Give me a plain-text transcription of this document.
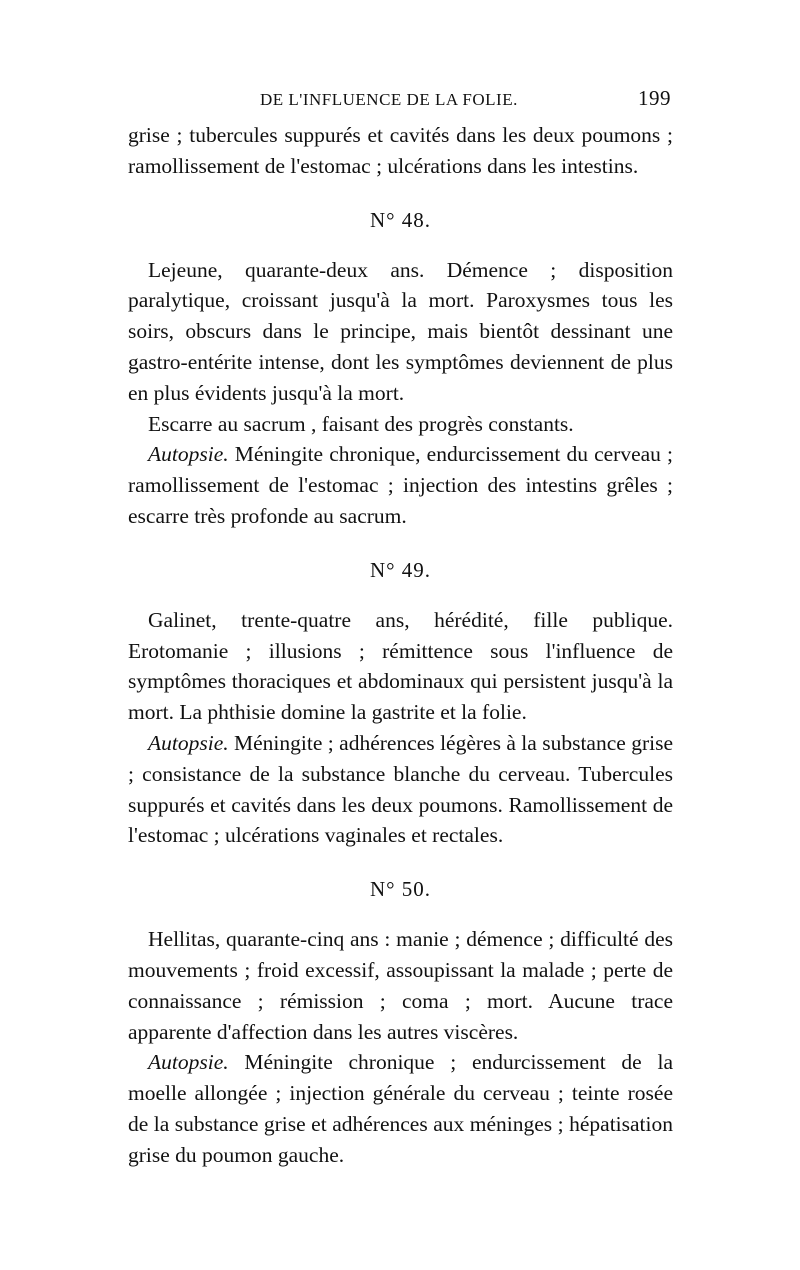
DE L'INFLUENCE DE LA FOLIE.	199

grise ; tubercules suppurés et cavités dans les deux poumons ; ramollissement de l'estomac ; ulcérations dans les intestins.

N° 48.

Lejeune, quarante-deux ans. Démence ; disposition paralytique, croissant jusqu'à la mort. Paroxysmes tous les soirs, obscurs dans le principe, mais bientôt dessinant une gastro-entérite intense, dont les symptômes deviennent de plus en plus évidents jusqu'à la mort.

Escarre au sacrum , faisant des progrès constants.

Autopsie. Méningite chronique, endurcissement du cerveau ; ramollissement de l'estomac ; injection des intestins grêles ; escarre très profonde au sacrum.

N° 49.

Galinet, trente-quatre ans, hérédité, fille publique. Erotomanie ; illusions ; rémittence sous l'influence de symptômes thoraciques et abdominaux qui persistent jusqu'à la mort. La phthisie domine la gastrite et la folie.

Autopsie. Méningite ; adhérences légères à la substance grise ; consistance de la substance blanche du cerveau. Tubercules suppurés et cavités dans les deux poumons. Ramollissement de l'estomac ; ulcérations vaginales et rectales.

N° 50.

Hellitas, quarante-cinq ans : manie ; démence ; difficulté des mouvements ; froid excessif, assoupissant la malade ; perte de connaissance ; rémission ; coma ; mort. Aucune trace apparente d'affection dans les autres viscères.

Autopsie. Méningite chronique ; endurcissement de la moelle allongée ; injection générale du cerveau ; teinte rosée de la substance grise et adhérences aux méninges ; hépatisation grise du poumon gauche.
